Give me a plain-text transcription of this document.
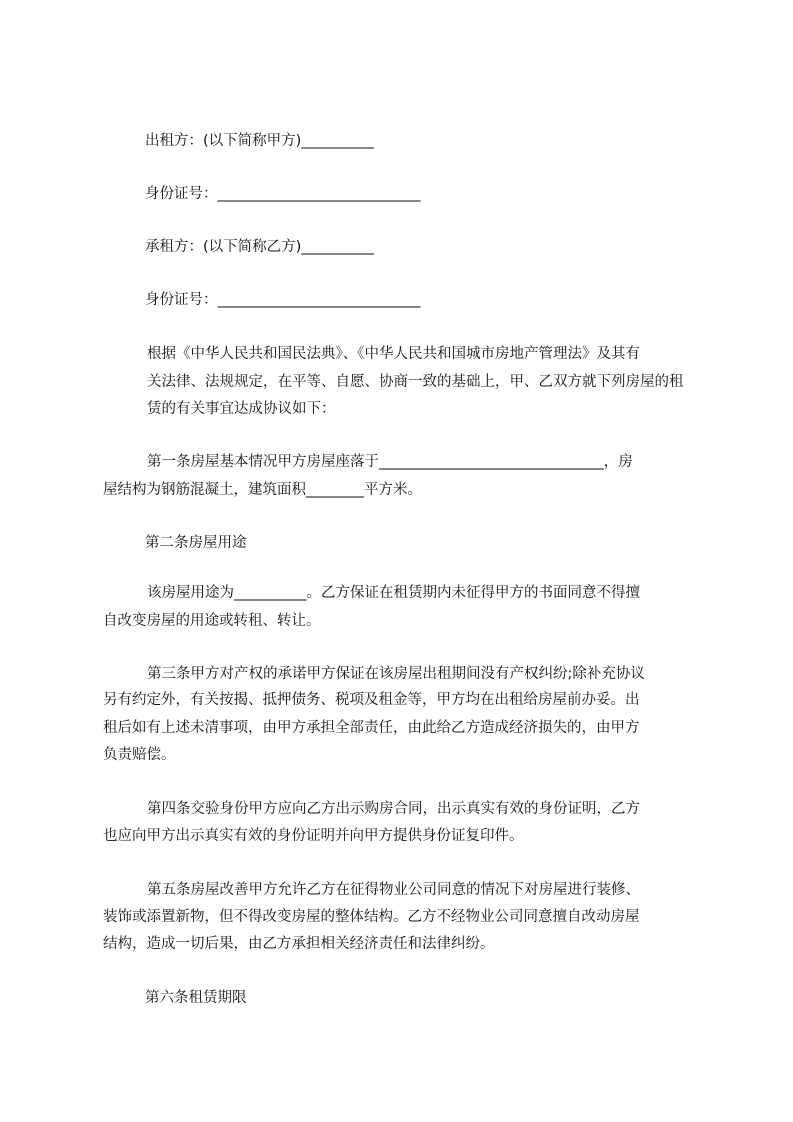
出租方：(以下简称甲方)__________
身份证号：____________________________
承租方：(以下简称乙方)__________
身份证号：____________________________
根据《中华人民共和国民法典》、《中华人民共和国城市房地产管理法》及其有
关法律、法规规定，在平等、自愿、协商一致的基础上，甲、乙双方就下列房屋的租
赁的有关事宜达成协议如下：
第一条房屋基本情况甲方房屋座落于_______________________________，房
屋结构为钢筋混凝土，建筑面积________平方米。
第二条房屋用途
该房屋用途为__________。乙方保证在租赁期内未征得甲方的书面同意不得擅
自改变房屋的用途或转租、转让。
第三条甲方对产权的承诺甲方保证在该房屋出租期间没有产权纠纷;除补充协议
另有约定外，有关按揭、抵押债务、税项及租金等，甲方均在出租给房屋前办妥。出
租后如有上述未清事项，由甲方承担全部责任，由此给乙方造成经济损失的，由甲方
负责赔偿。
第四条交验身份甲方应向乙方出示购房合同，出示真实有效的身份证明，乙方
也应向甲方出示真实有效的身份证明并向甲方提供身份证复印件。
第五条房屋改善甲方允许乙方在征得物业公司同意的情况下对房屋进行装修、
装饰或添置新物，但不得改变房屋的整体结构。乙方不经物业公司同意擅自改动房屋
结构，造成一切后果，由乙方承担相关经济责任和法律纠纷。
第六条租赁期限
